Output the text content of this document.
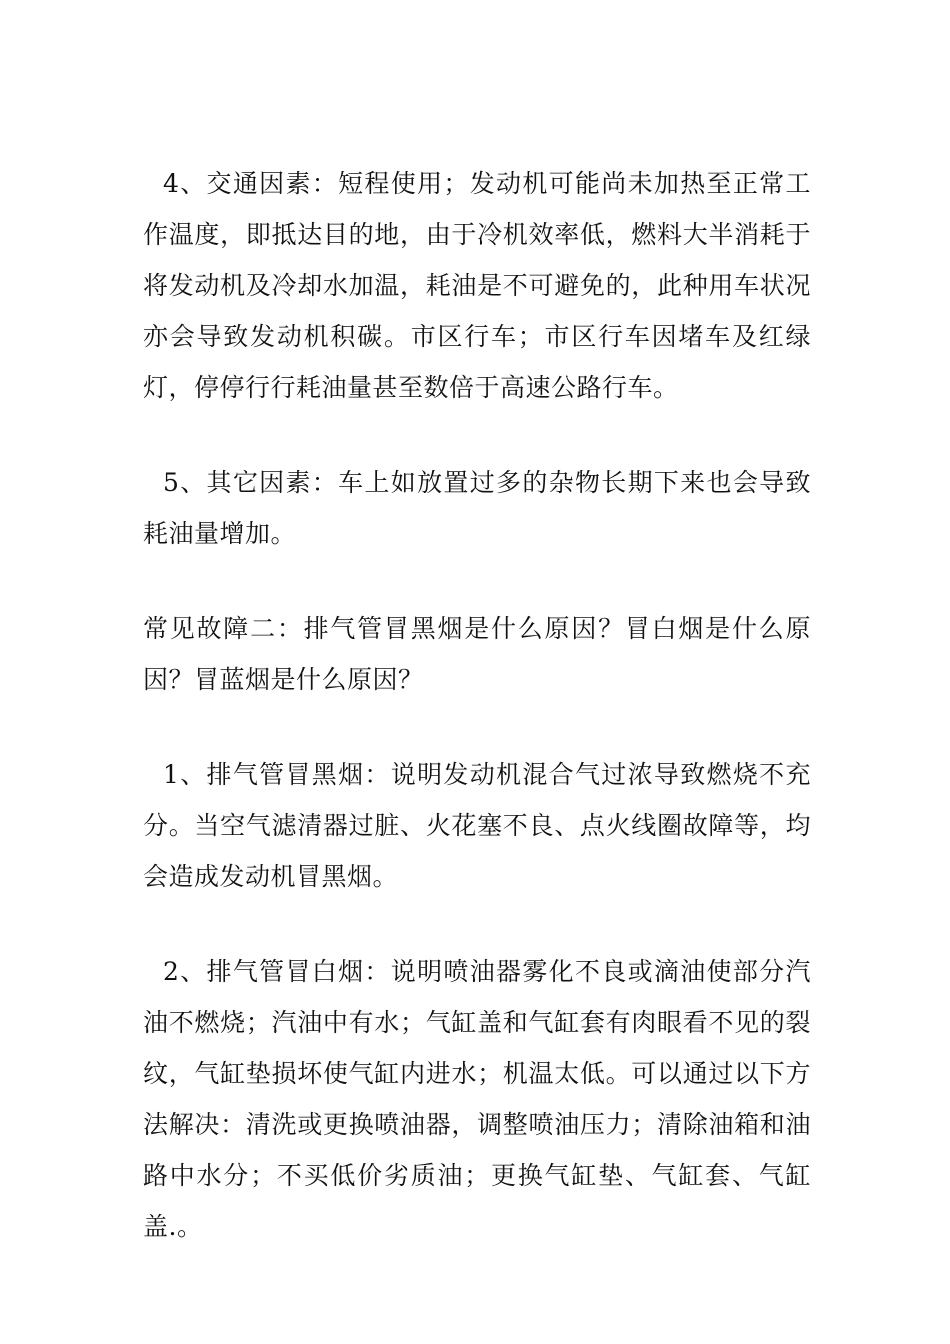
4、交通因素：短程使用；发动机可能尚未加热至正常工作温度，即抵达目的地，由于冷机效率低，燃料大半消耗于将发动机及冷却水加温，耗油是不可避免的，此种用车状况亦会导致发动机积碳。市区行车；市区行车因堵车及红绿灯，停停行行耗油量甚至数倍于高速公路行车。

5、其它因素：车上如放置过多的杂物长期下来也会导致耗油量增加。

常见故障二：排气管冒黑烟是什么原因？冒白烟是什么原因？冒蓝烟是什么原因？

1、排气管冒黑烟：说明发动机混合气过浓导致燃烧不充分。当空气滤清器过脏、火花塞不良、点火线圈故障等，均会造成发动机冒黑烟。

2、排气管冒白烟：说明喷油器雾化不良或滴油使部分汽油不燃烧；汽油中有水；气缸盖和气缸套有肉眼看不见的裂纹，气缸垫损坏使气缸内进水；机温太低。可以通过以下方法解决：清洗或更换喷油器，调整喷油压力；清除油箱和油路中水分；不买低价劣质油；更换气缸垫、气缸套、气缸盖.。
